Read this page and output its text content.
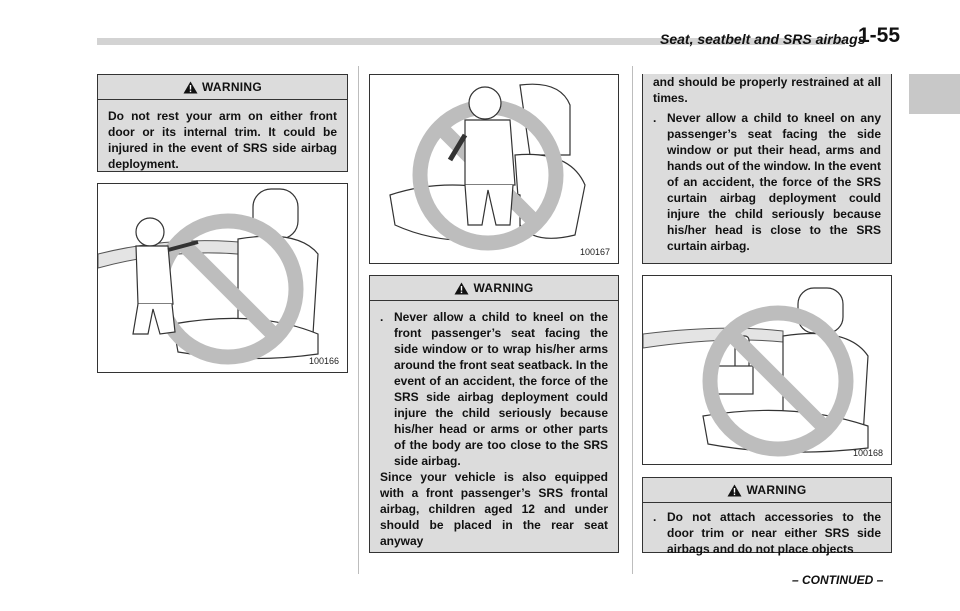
Seat, seatbelt and SRS airbags
1-55
WARNING

Do not rest your arm on either front door or its internal trim. It could be injured in the event of SRS side airbag deployment.

100166
100167
WARNING
. Never allow a child to kneel on the front passenger’s seat facing the side window or to wrap his/her arms around the front seat seatback. In the event of an accident, the force of the SRS side airbag deployment could injure the child seriously because his/her head or arms or other parts of the body are too close to the SRS side airbag.

Since your vehicle is also equipped with a front passenger’s SRS frontal airbag, children aged 12 and under should be placed in the rear seat anyway

and should be properly restrained at all times.

. Never allow a child to kneel on any passenger’s seat facing the side window or put their head, arms and hands out of the window. In the event of an accident, the force of the SRS curtain airbag deployment could injure the child seriously because his/her head is close to the SRS curtain airbag.
100168
WARNING
. Do not attach accessories to the door trim or near either SRS side airbags and do not place objects
– CONTINUED –
